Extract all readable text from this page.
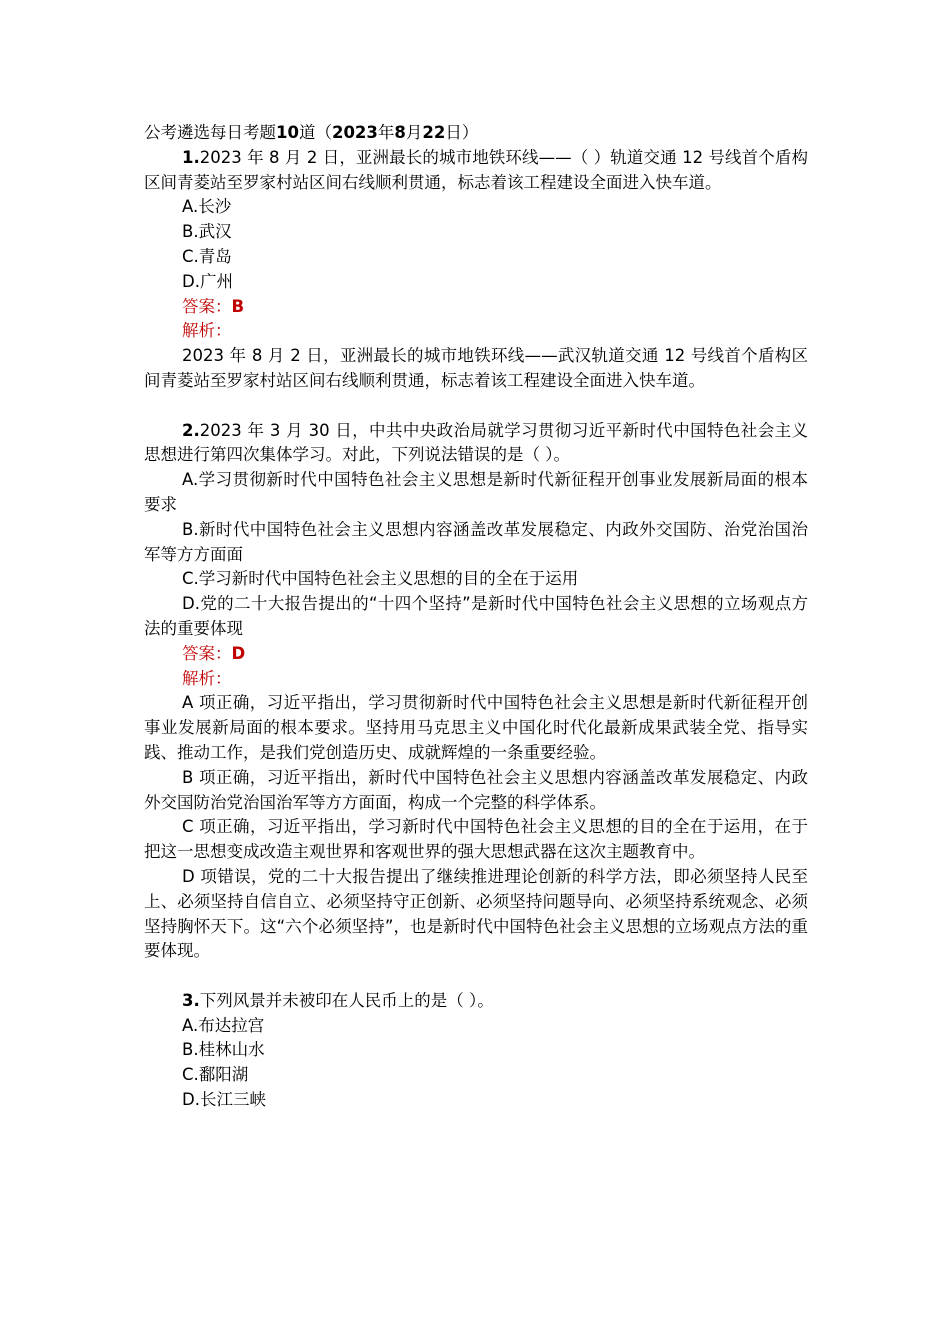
公考遴选每日考题10道（2023年8月22日）
1.2023 年 8 月 2 日，亚洲最长的城市地铁环线——（ ）轨道交通 12 号线首个盾构区间青菱站至罗家村站区间右线顺利贯通，标志着该工程建设全面进入快车道。
A.长沙
B.武汉
C.青岛
D.广州
答案：B
解析：
2023 年 8 月 2 日，亚洲最长的城市地铁环线——武汉轨道交通 12 号线首个盾构区间青菱站至罗家村站区间右线顺利贯通，标志着该工程建设全面进入快车道。
2.2023 年 3 月 30 日，中共中央政治局就学习贯彻习近平新时代中国特色社会主义思想进行第四次集体学习。对此，下列说法错误的是（ ）。
A.学习贯彻新时代中国特色社会主义思想是新时代新征程开创事业发展新局面的根本要求
B.新时代中国特色社会主义思想内容涵盖改革发展稳定、内政外交国防、治党治国治军等方方面面
C.学习新时代中国特色社会主义思想的目的全在于运用
D.党的二十大报告提出的“十四个坚持”是新时代中国特色社会主义思想的立场观点方法的重要体现
答案：D
解析：
A 项正确，习近平指出，学习贯彻新时代中国特色社会主义思想是新时代新征程开创事业发展新局面的根本要求。坚持用马克思主义中国化时代化最新成果武装全党、指导实践、推动工作，是我们党创造历史、成就辉煌的一条重要经验。
B 项正确，习近平指出，新时代中国特色社会主义思想内容涵盖改革发展稳定、内政外交国防治党治国治军等方方面面，构成一个完整的科学体系。
C 项正确，习近平指出，学习新时代中国特色社会主义思想的目的全在于运用，在于把这一思想变成改造主观世界和客观世界的强大思想武器在这次主题教育中。
D 项错误，党的二十大报告提出了继续推进理论创新的科学方法，即必须坚持人民至上、必须坚持自信自立、必须坚持守正创新、必须坚持问题导向、必须坚持系统观念、必须坚持胸怀天下。这“六个必须坚持”，也是新时代中国特色社会主义思想的立场观点方法的重要体现。
3.下列风景并未被印在人民币上的是（ ）。
A.布达拉宫
B.桂林山水
C.鄱阳湖
D.长江三峡
